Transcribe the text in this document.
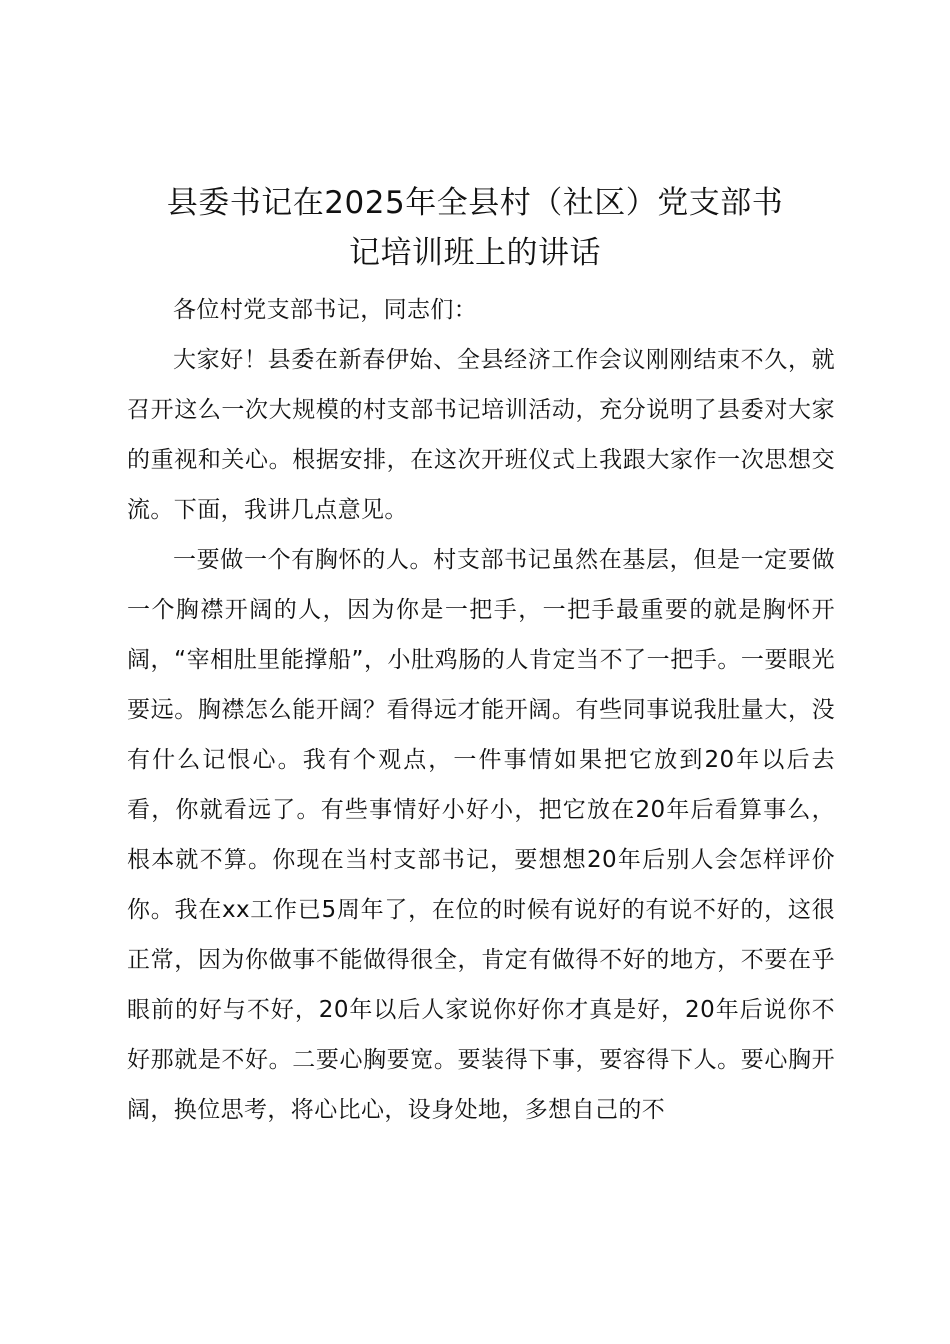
县委书记在2025年全县村（社区）党支部书
记培训班上的讲话

各位村党支部书记，同志们：

大家好！县委在新春伊始、全县经济工作会议刚刚结束不久，就召开这么一次大规模的村支部书记培训活动，充分说明了县委对大家的重视和关心。根据安排，在这次开班仪式上我跟大家作一次思想交流。下面，我讲几点意见。

一要做一个有胸怀的人。村支部书记虽然在基层，但是一定要做一个胸襟开阔的人，因为你是一把手，一把手最重要的就是胸怀开阔，“宰相肚里能撑船”，小肚鸡肠的人肯定当不了一把手。一要眼光要远。胸襟怎么能开阔？看得远才能开阔。有些同事说我肚量大，没有什么记恨心。我有个观点，一件事情如果把它放到20年以后去看，你就看远了。有些事情好小好小，把它放在20年后看算事么，根本就不算。你现在当村支部书记，要想想20年后别人会怎样评价你。我在xx工作已5周年了，在位的时候有说好的有说不好的，这很正常，因为你做事不能做得很全，肯定有做得不好的地方，不要在乎眼前的好与不好，20年以后人家说你好你才真是好，20年后说你不好那就是不好。二要心胸要宽。要装得下事，要容得下人。要心胸开阔，换位思考，将心比心，设身处地，多想自己的不
